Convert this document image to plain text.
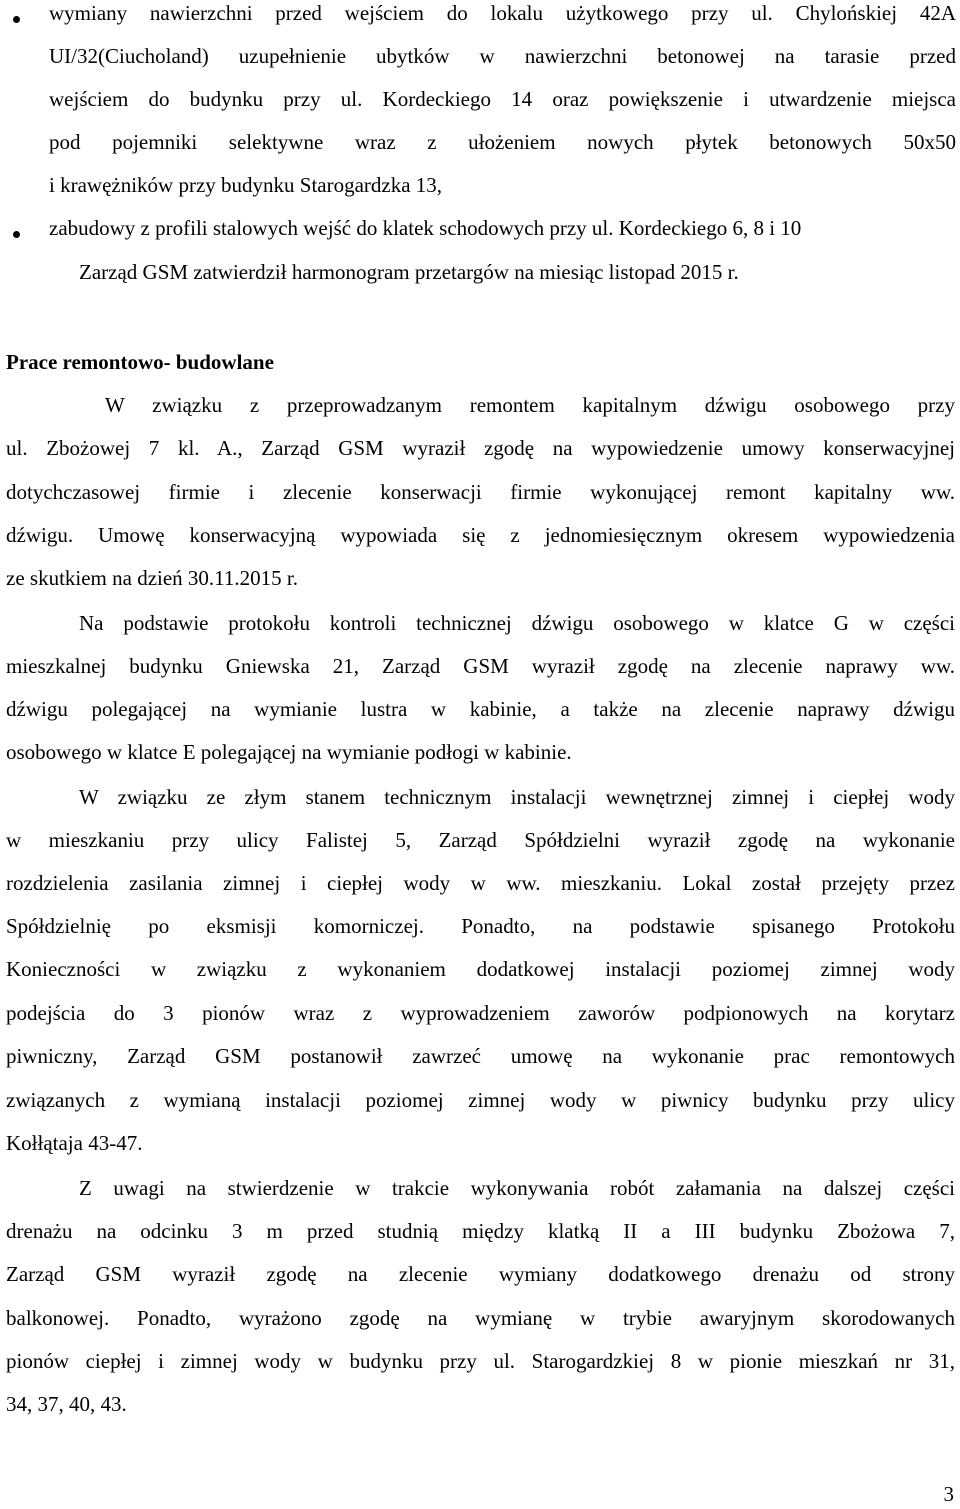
wymiany nawierzchni przed wejściem do lokalu użytkowego przy ul. Chylońskiej 42A
UI/32(Ciucholand) uzupełnienie ubytków w nawierzchni betonowej na tarasie przed
wejściem do budynku przy ul. Kordeckiego 14 oraz powiększenie i utwardzenie miejsca
pod pojemniki selektywne wraz z ułożeniem nowych płytek betonowych 50x50
i krawężników przy budynku Starogardzka 13,
zabudowy z profili stalowych wejść do klatek schodowych przy ul. Kordeckiego 6, 8 i 10
Zarząd GSM zatwierdził harmonogram przetargów na miesiąc listopad 2015 r.
Prace remontowo- budowlane
W związku z przeprowadzanym remontem kapitalnym dźwigu osobowego przy
ul. Zbożowej 7 kl. A., Zarząd GSM wyraził zgodę na wypowiedzenie umowy konserwacyjnej
dotychczasowej firmie i zlecenie konserwacji firmie wykonującej remont kapitalny ww.
dźwigu. Umowę konserwacyjną wypowiada się z jednomiesięcznym okresem wypowiedzenia
ze skutkiem na dzień 30.11.2015 r.
Na podstawie protokołu kontroli technicznej dźwigu osobowego w klatce G w części
mieszkalnej budynku Gniewska 21, Zarząd GSM wyraził zgodę na zlecenie naprawy ww.
dźwigu polegającej na wymianie lustra w kabinie, a także na zlecenie naprawy dźwigu
osobowego w klatce E polegającej na wymianie podłogi w kabinie.
W związku ze złym stanem technicznym instalacji wewnętrznej zimnej i ciepłej wody
w mieszkaniu przy ulicy Falistej 5, Zarząd Spółdzielni wyraził zgodę na wykonanie
rozdzielenia zasilania zimnej i ciepłej wody w ww. mieszkaniu. Lokal został przejęty przez
Spółdzielnię po eksmisji komorniczej. Ponadto, na podstawie spisanego Protokołu
Konieczności w związku z wykonaniem dodatkowej instalacji poziomej zimnej wody
podejścia do 3 pionów wraz z wyprowadzeniem zaworów podpionowych na korytarz
piwniczny, Zarząd GSM postanowił zawrzeć umowę na wykonanie prac remontowych
związanych z wymianą instalacji poziomej zimnej wody w piwnicy budynku przy ulicy
Kołłątaja 43-47.
Z uwagi na stwierdzenie w trakcie wykonywania robót załamania na dalszej części
drenażu na odcinku 3 m przed studnią między klatką II a III budynku Zbożowa 7,
Zarząd GSM wyraził zgodę na zlecenie wymiany dodatkowego drenażu od strony
balkonowej. Ponadto, wyrażono zgodę na wymianę w trybie awaryjnym skorodowanych
pionów ciepłej i zimnej wody w budynku przy ul. Starogardzkiej 8 w pionie mieszkań nr 31,
34, 37, 40, 43.
3
